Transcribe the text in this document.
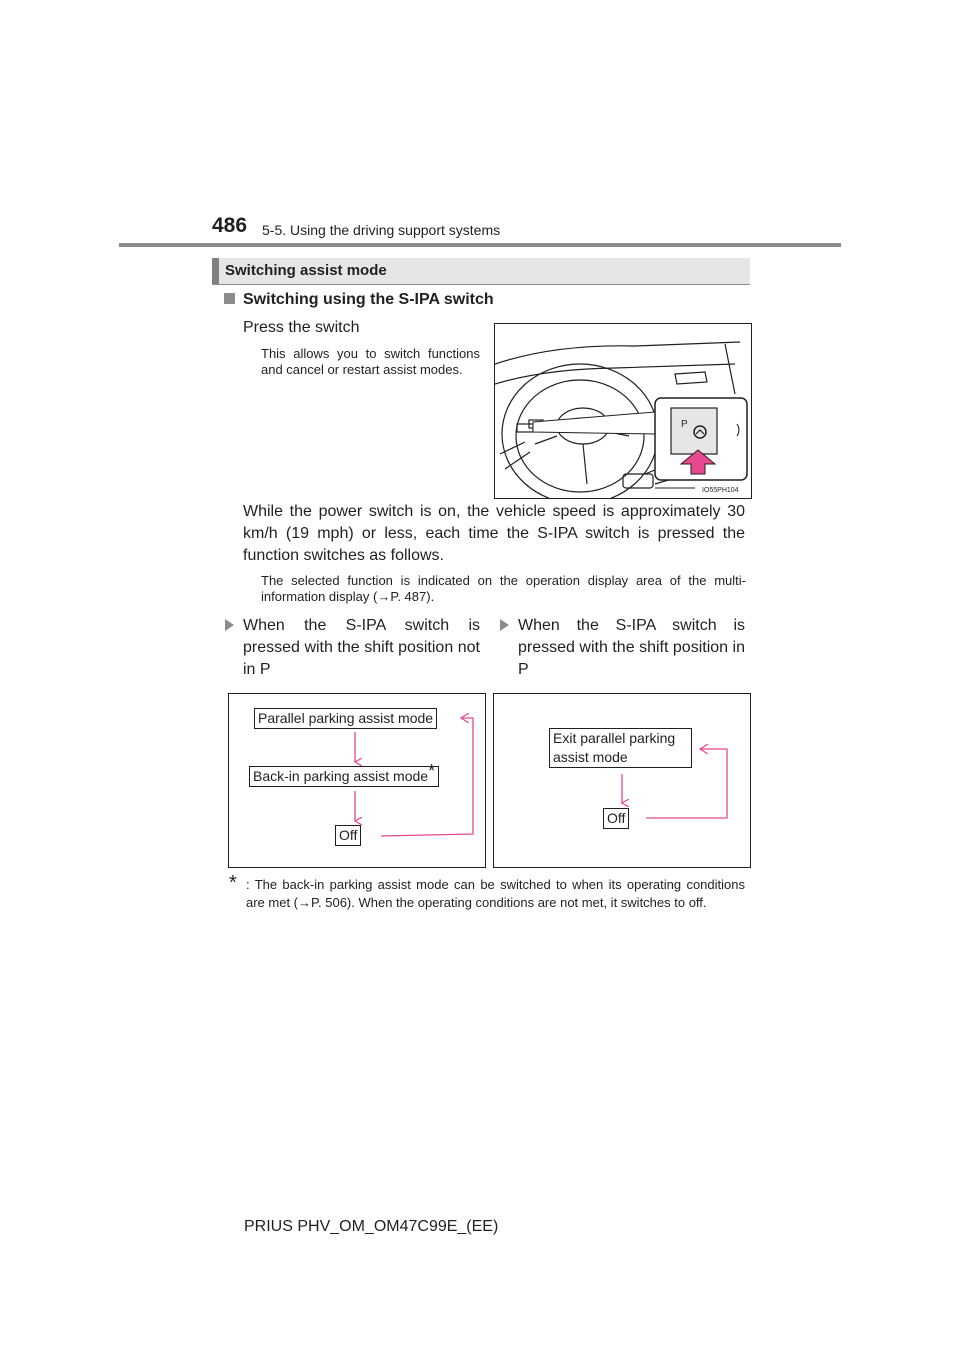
486 5-5. Using the driving support systems
Switching assist mode
Switching using the S-IPA switch
Press the switch
This allows you to switch functions and cancel or restart assist modes.
P
IO55PH104
While the power switch is on, the vehicle speed is approximately 30 km/h (19 mph) or less, each time the S-IPA switch is pressed the function switches as follows.
The selected function is indicated on the operation display area of the multi-information display (→P. 487).
When the S-IPA switch is pressed with the shift position not in P
When the S-IPA switch is pressed with the shift position in P
Parallel parking assist mode
Back-in parking assist mode*
Off
Exit parallel parking assist mode
Off
* : The back-in parking assist mode can be switched to when its operating conditions are met (→P. 506). When the operating conditions are not met, it switches to off.
PRIUS PHV_OM_OM47C99E_(EE)
